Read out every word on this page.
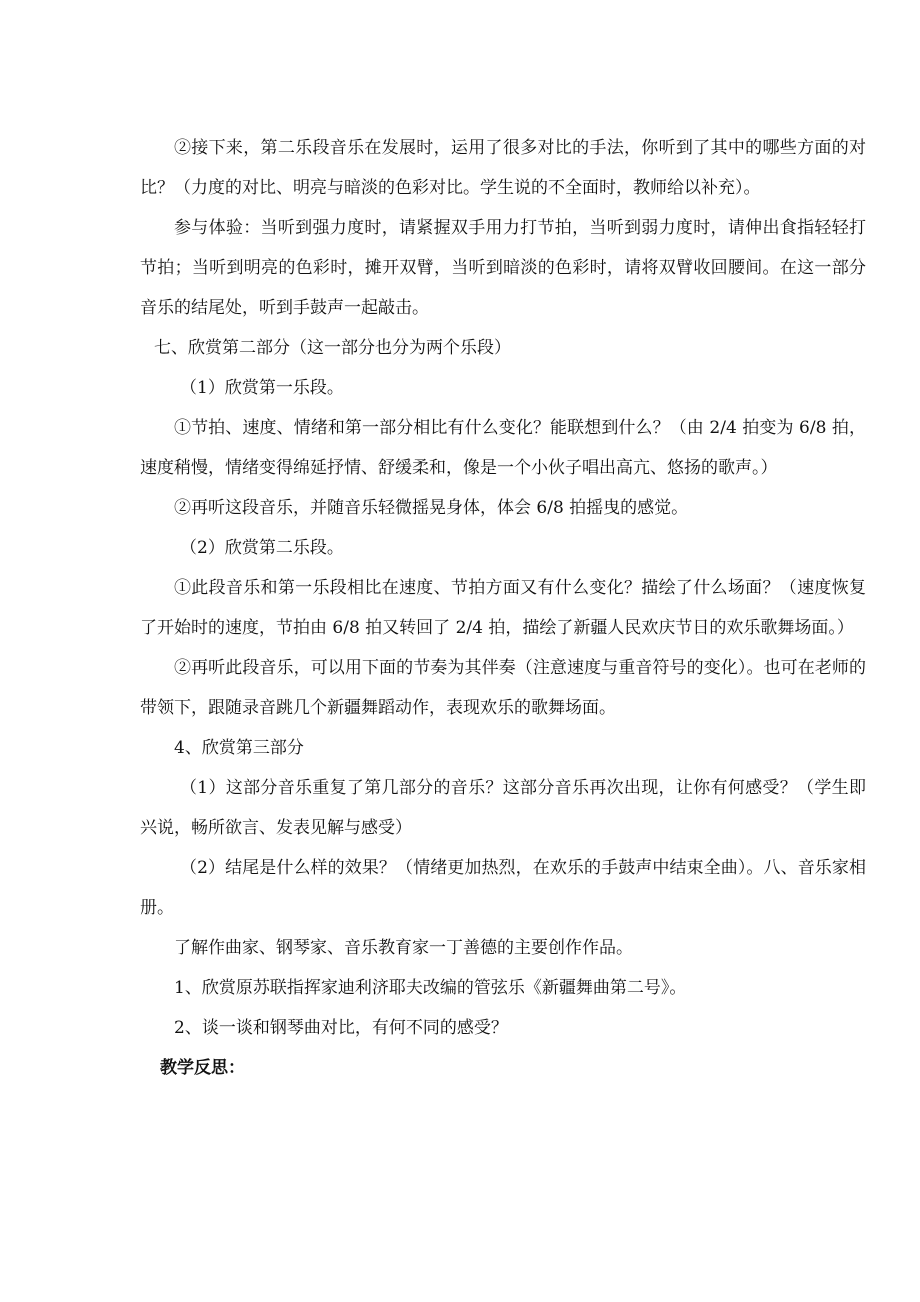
②接下来，第二乐段音乐在发展时，运用了很多对比的手法，你听到了其中的哪些方面的对比？（力度的对比、明亮与暗淡的色彩对比。学生说的不全面时，教师给以补充）。

参与体验：当听到强力度时，请紧握双手用力打节拍，当听到弱力度时，请伸出食指轻轻打节拍；当听到明亮的色彩时，摊开双臂，当听到暗淡的色彩时，请将双臂收回腰间。在这一部分音乐的结尾处，听到手鼓声一起敲击。

七、欣赏第二部分（这一部分也分为两个乐段）

（1）欣赏第一乐段。

①节拍、速度、情绪和第一部分相比有什么变化？能联想到什么？（由 2/4 拍变为 6/8 拍，速度稍慢，情绪变得绵延抒情、舒缓柔和，像是一个小伙子唱出高亢、悠扬的歌声。）

②再听这段音乐，并随音乐轻微摇晃身体，体会 6/8 拍摇曳的感觉。

（2）欣赏第二乐段。

①此段音乐和第一乐段相比在速度、节拍方面又有什么变化？描绘了什么场面？（速度恢复了开始时的速度，节拍由 6/8 拍又转回了 2/4 拍，描绘了新疆人民欢庆节日的欢乐歌舞场面。）

②再听此段音乐，可以用下面的节奏为其伴奏（注意速度与重音符号的变化）。也可在老师的带领下，跟随录音跳几个新疆舞蹈动作，表现欢乐的歌舞场面。

4、欣赏第三部分

（1）这部分音乐重复了第几部分的音乐？这部分音乐再次出现，让你有何感受？（学生即兴说，畅所欲言、发表见解与感受）

（2）结尾是什么样的效果？（情绪更加热烈，在欢乐的手鼓声中结束全曲）。八、音乐家相册。

了解作曲家、钢琴家、音乐教育家一丁善德的主要创作作品。

1、欣赏原苏联指挥家迪利济耶夫改编的管弦乐《新疆舞曲第二号》。

2、谈一谈和钢琴曲对比，有何不同的感受？

教学反思：
